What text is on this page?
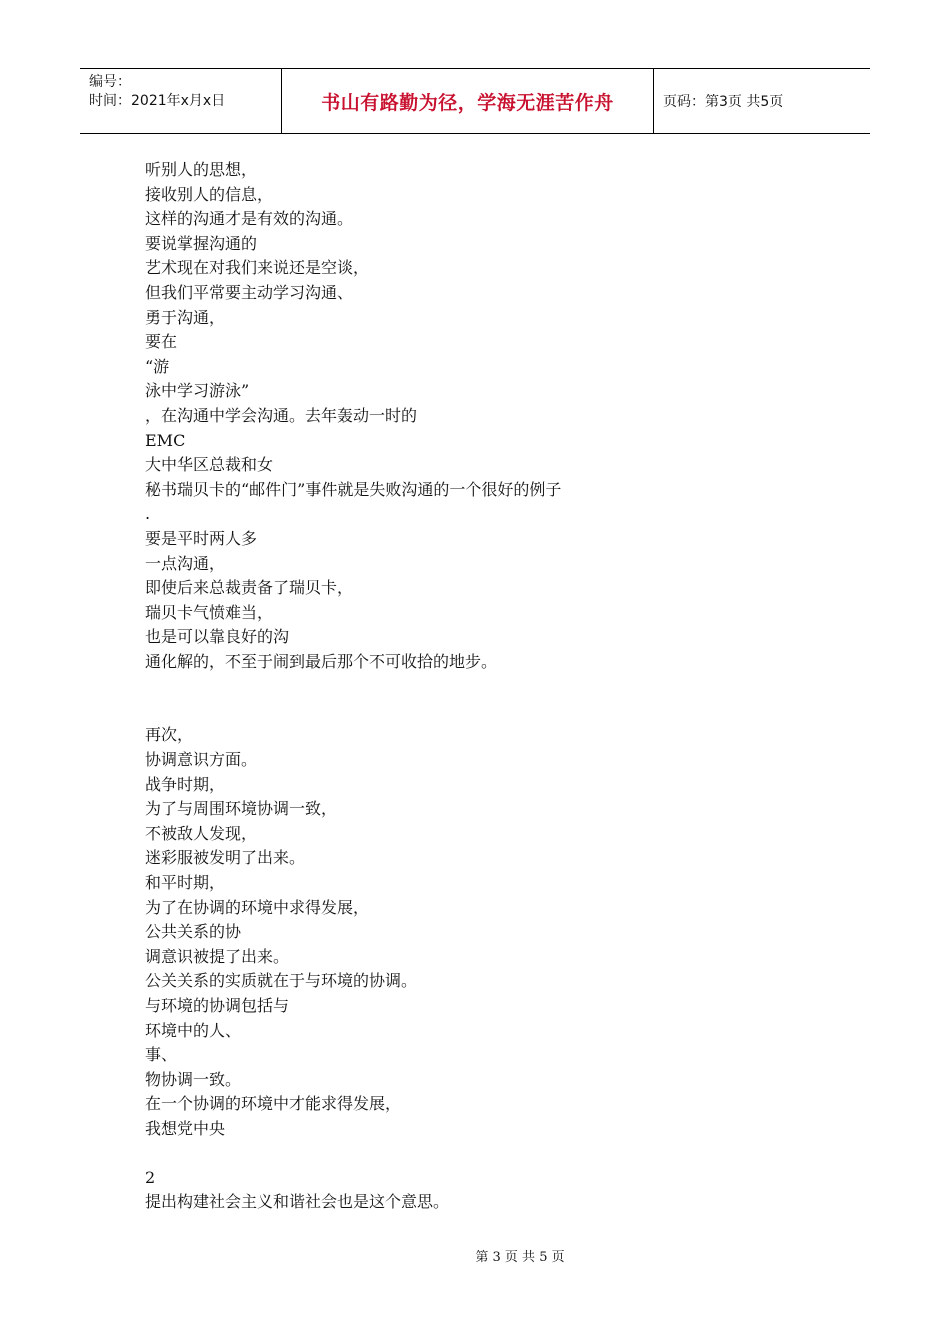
编号：
时间：2021年x月x日	书山有路勤为径，学海无涯苦作舟	页码：第3页 共5页
听别人的思想，
接收别人的信息，
这样的沟通才是有效的沟通。
要说掌握沟通的
艺术现在对我们来说还是空谈，
但我们平常要主动学习沟通、
勇于沟通，
要在
“游
泳中学习游泳”
，在沟通中学会沟通。去年轰动一时的
EMC
大中华区总裁和女
秘书瑞贝卡的“邮件门”事件就是失败沟通的一个很好的例子
.
要是平时两人多
一点沟通，
即使后来总裁责备了瑞贝卡，
瑞贝卡气愤难当，
也是可以靠良好的沟
通化解的，不至于闹到最后那个不可收拾的地步。
再次，
协调意识方面。
战争时期，
为了与周围环境协调一致，
不被敌人发现，
迷彩服被发明了出来。
和平时期，
为了在协调的环境中求得发展，
公共关系的协
调意识被提了出来。
公关关系的实质就在于与环境的协调。
与环境的协调包括与
环境中的人、
事、
物协调一致。
在一个协调的环境中才能求得发展，
我想党中央
2
提出构建社会主义和谐社会也是这个意思。
第 3 页 共 5 页
